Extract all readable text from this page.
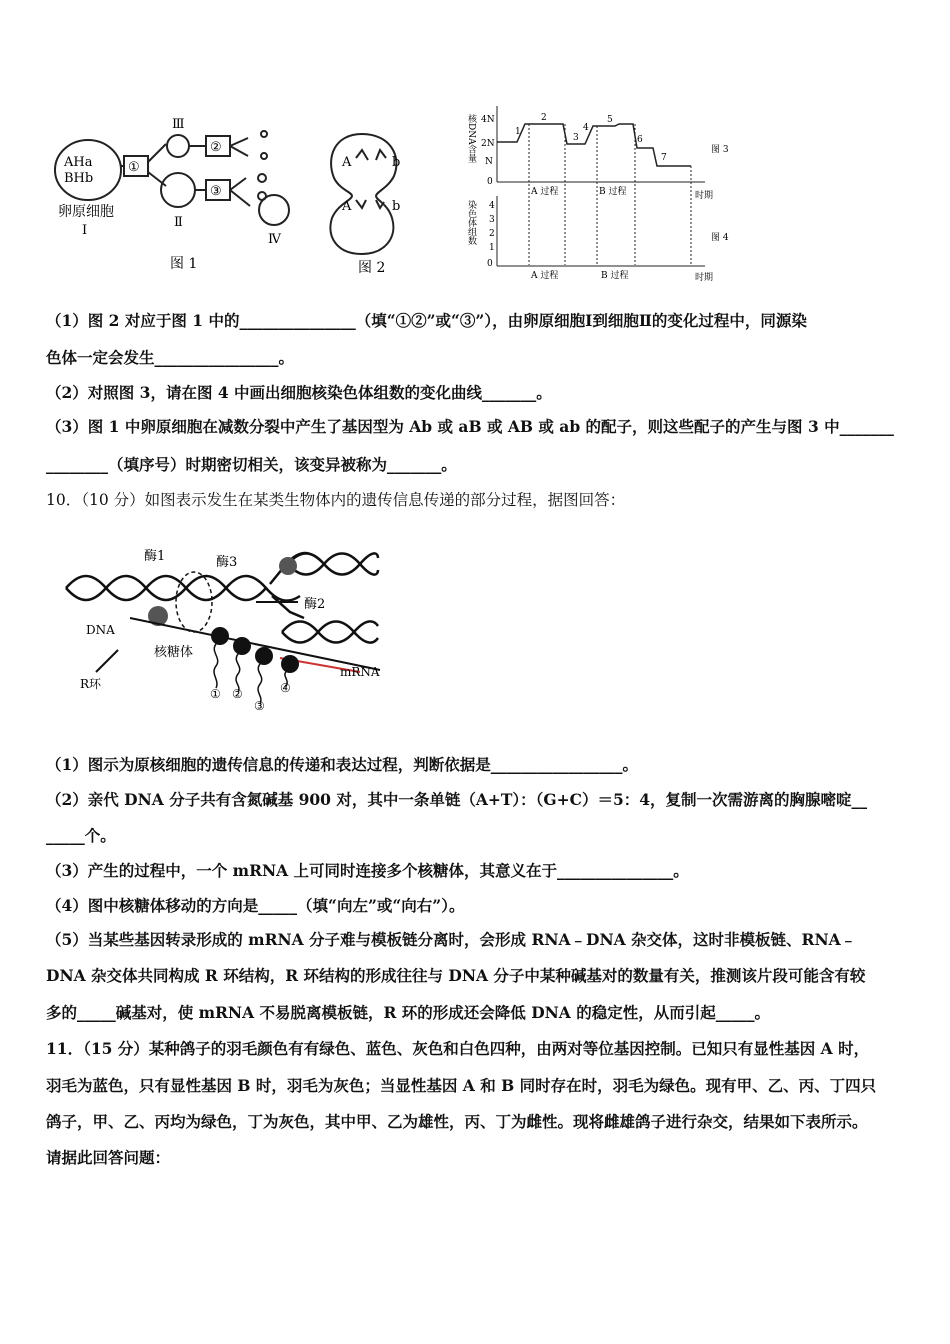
AHa
BHb
①
Ⅲ
②
③
Ⅱ
Ⅳ
卵原细胞
Ⅰ
图 1
A	b
A	b
图 2
核DNA含量 4N
2N
N
0
1
2
3
4
5
6
7
A 过程	B 过程	时期
图 3
染色体组数 4
3
2
1
0
A 过程	B 过程	时期
图 4
（1）图 2 对应于图 1 中的_______________（填“①②”或“③”），由卵原细胞Ⅰ到细胞Ⅱ的变化过程中，同源染
色体一定会发生________________。
（2）对照图 3，请在图 4 中画出细胞核染色体组数的变化曲线_______。
（3）图 1 中卵原细胞在减数分裂中产生了基因型为 Ab 或 aB 或 AB 或 ab 的配子，则这些配子的产生与图 3 中_______
________（填序号）时期密切相关，该变异被称为_______。
10．（10 分）如图表示发生在某类生物体内的遗传信息传递的部分过程，据图回答：
酶1	酶3
酶2
DNA
核糖体
R环
mRNA
① ②
③
④
（1）图示为原核细胞的遗传信息的传递和表达过程，判断依据是_________________。
（2）亲代 DNA 分子共有含氮碱基 900 对，其中一条单链（A+T）：（G+C）＝5：4，复制一次需游离的胸腺嘧啶__
_____个。
（3）产生的过程中，一个 mRNA 上可同时连接多个核糖体，其意义在于_______________。
（4）图中核糖体移动的方向是_____（填“向左”或“向右”）。
（5）当某些基因转录形成的 mRNA 分子难与模板链分离时，会形成 RNA﹣DNA 杂交体，这时非模板链、RNA﹣
DNA 杂交体共同构成 R 环结构，R 环结构的形成往往与 DNA 分子中某种碱基对的数量有关，推测该片段可能含有较
多的_____碱基对，使 mRNA 不易脱离模板链，R 环的形成还会降低 DNA 的稳定性，从而引起_____。
11．（15 分）某种鸽子的羽毛颜色有有绿色、蓝色、灰色和白色四种，由两对等位基因控制。已知只有显性基因 A 时，
羽毛为蓝色，只有显性基因 B 时，羽毛为灰色；当显性基因 A 和 B 同时存在时，羽毛为绿色。现有甲、乙、丙、丁四只
鸽子，甲、乙、丙均为绿色，丁为灰色，其中甲、乙为雄性，丙、丁为雌性。现将雌雄鸽子进行杂交，结果如下表所示。
请据此回答问题：
